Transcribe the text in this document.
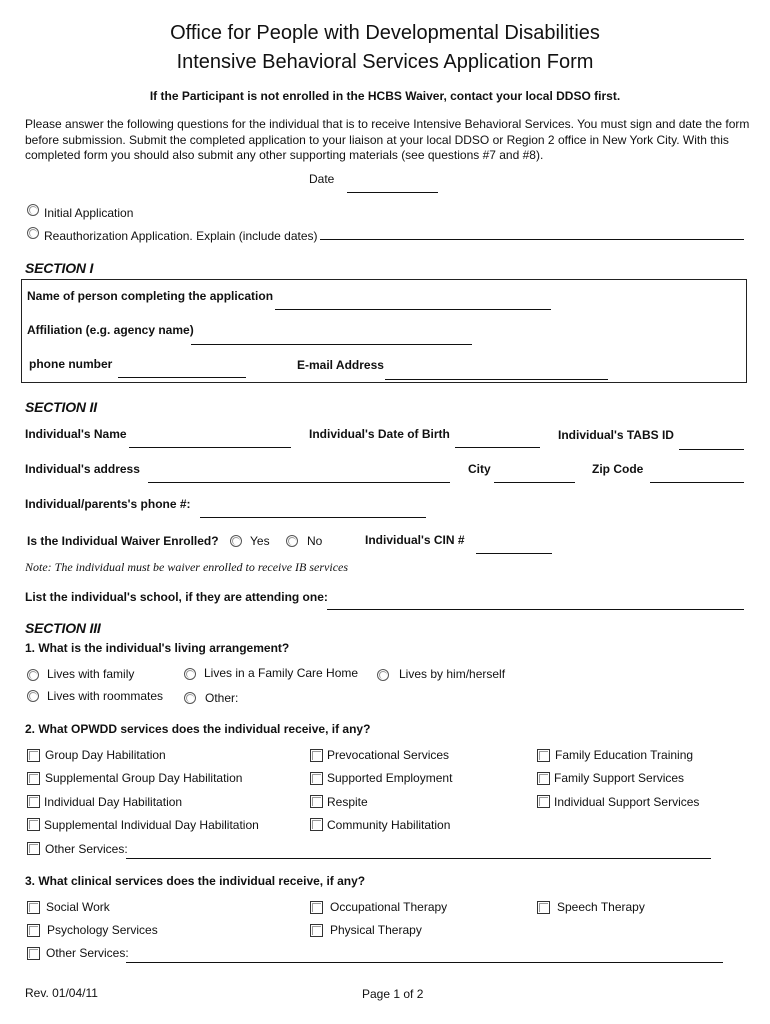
Office for People with Developmental Disabilities
Intensive Behavioral Services Application Form
If the Participant is not enrolled in the HCBS Waiver, contact your local DDSO first.
Please answer the following questions for the individual that is to receive Intensive Behavioral Services. You must sign and date the form before submission. Submit the completed application to your liaison at your local DDSO or Region 2 office in New York City. With this completed form you should also submit any other supporting materials (see questions #7 and #8).
Date
Initial Application
Reauthorization Application. Explain (include dates)
SECTION I
Name of person completing the application
Affiliation (e.g. agency name)
phone number	E-mail Address
SECTION II
Individual's Name	Individual's Date of Birth	Individual's TABS ID
Individual's address	City	Zip Code
Individual/parents's phone #:
Is the Individual Waiver Enrolled?	Yes	No	Individual's CIN #
Note: The individual must be waiver enrolled to receive IB services
List the individual's school, if they are attending one:
SECTION III
1. What is the individual's living arrangement?
Lives with family	Lives in a Family Care Home	Lives by him/herself
Lives with roommates	Other:
2. What OPWDD services does the individual receive, if any?
Group Day Habilitation
Supplemental Group Day Habilitation
Individual Day Habilitation
Supplemental Individual Day Habilitation
Other Services:
Prevocational Services
Supported Employment
Respite
Community Habilitation
Family Education Training
Family Support Services
Individual Support Services
3. What clinical services does the individual receive, if any?
Social Work
Psychology Services
Other Services:
Occupational Therapy
Physical Therapy
Speech Therapy
Rev. 01/04/11	Page 1 of 2
